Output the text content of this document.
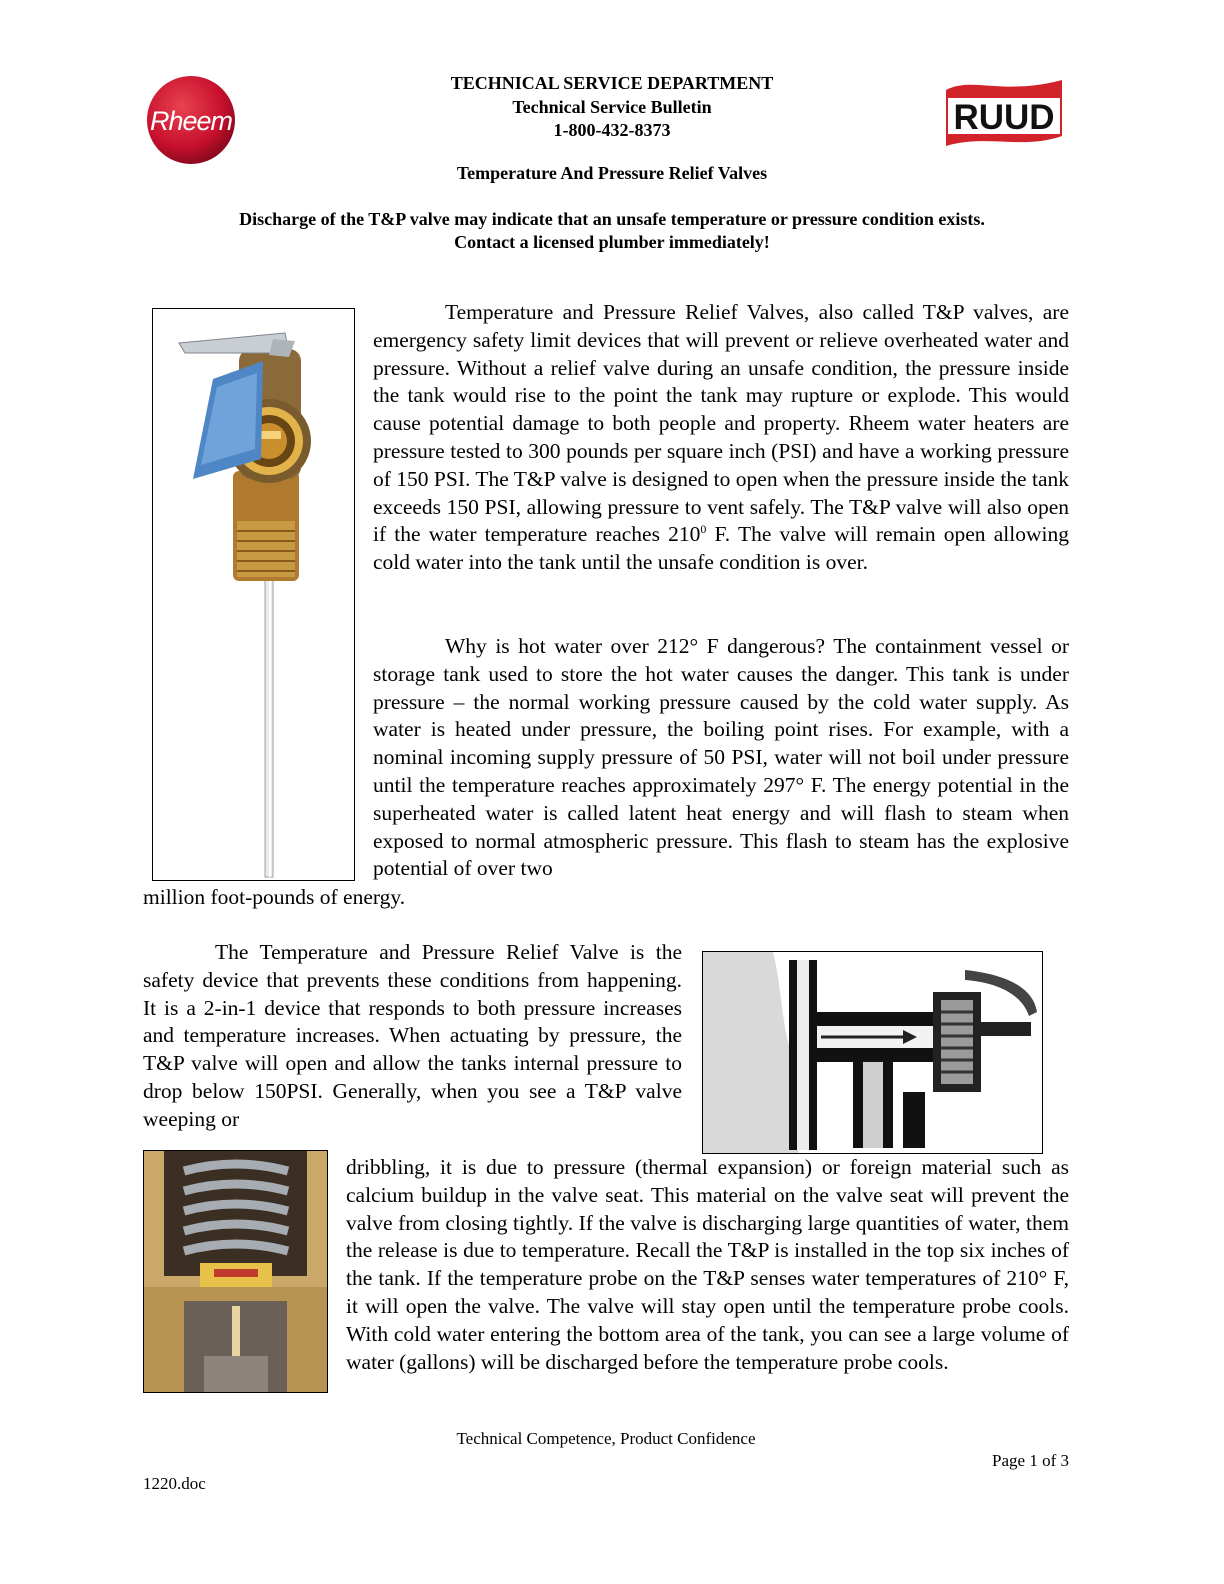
Rheem	RUUD
TECHNICAL SERVICE DEPARTMENT
Technical Service Bulletin
1-800-432-8373
Temperature And Pressure Relief Valves
Discharge of the T&P valve may indicate that an unsafe temperature or pressure condition exists.
Contact a licensed plumber immediately!

Temperature and Pressure Relief Valves, also called T&P valves, are emergency safety limit devices that will prevent or relieve overheated water and pressure. Without a relief valve during an unsafe condition, the pressure inside the tank would rise to the point the tank may rupture or explode. This would cause potential damage to both people and property. Rheem water heaters are pressure tested to 300 pounds per square inch (PSI) and have a working pressure of 150 PSI. The T&P valve is designed to open when the pressure inside the tank exceeds 150 PSI, allowing pressure to vent safely. The T&P valve will also open if the water temperature reaches $210^0$ F. The valve will remain open allowing cold water into the tank until the unsafe condition is over.

Why is hot water over 212° F dangerous? The containment vessel or storage tank used to store the hot water causes the danger. This tank is under pressure – the normal working pressure caused by the cold water supply. As water is heated under pressure, the boiling point rises. For example, with a nominal incoming supply pressure of 50 PSI, water will not boil under pressure until the temperature reaches approximately 297° F. The energy potential in the superheated water is called latent heat energy and will flash to steam when exposed to normal atmospheric pressure. This flash to steam has the explosive potential of over two

million foot-pounds of energy.

The Temperature and Pressure Relief Valve is the safety device that prevents these conditions from happening. It is a 2-in-1 device that responds to both pressure increases and temperature increases. When actuating by pressure, the T&P valve will open and allow the tanks internal pressure to drop below 150PSI. Generally, when you see a T&P valve weeping or

dribbling, it is due to pressure (thermal expansion) or foreign material such as calcium buildup in the valve seat. This material on the valve seat will prevent the valve from closing tightly. If the valve is discharging large quantities of water, them the release is due to temperature. Recall the T&P is installed in the top six inches of the tank. If the temperature probe on the T&P senses water temperatures of 210° F, it will open the valve. The valve will stay open until the temperature probe cools. With cold water entering the bottom area of the tank, you can see a large volume of water (gallons) will be discharged before the temperature probe cools.

Technical Competence, Product Confidence
Page 1 of 3
1220.doc
